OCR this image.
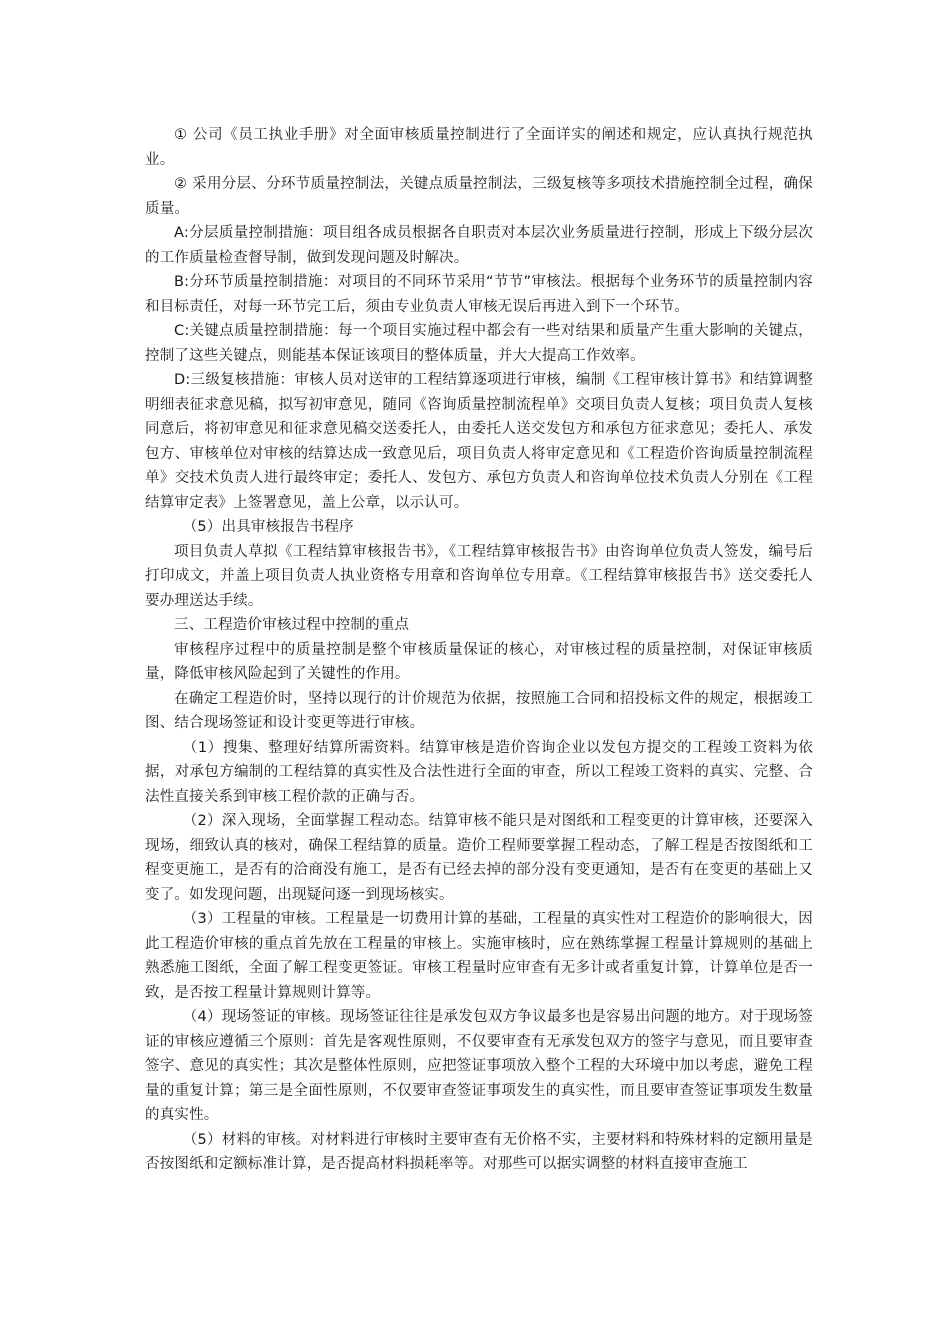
① 公司《员工执业手册》对全面审核质量控制进行了全面详实的阐述和规定，应认真执行规范执业。

② 采用分层、分环节质量控制法，关键点质量控制法，三级复核等多项技术措施控制全过程，确保质量。

A:分层质量控制措施：项目组各成员根据各自职责对本层次业务质量进行控制，形成上下级分层次的工作质量检查督导制，做到发现问题及时解决。

B:分环节质量控制措施：对项目的不同环节采用“节节”审核法。根据每个业务环节的质量控制内容和目标责任，对每一环节完工后，须由专业负责人审核无误后再进入到下一个环节。

C:关键点质量控制措施：每一个项目实施过程中都会有一些对结果和质量产生重大影响的关键点，控制了这些关键点，则能基本保证该项目的整体质量，并大大提高工作效率。

D:三级复核措施：审核人员对送审的工程结算逐项进行审核，编制《工程审核计算书》和结算调整明细表征求意见稿，拟写初审意见，随同《咨询质量控制流程单》交项目负责人复核；项目负责人复核同意后，将初审意见和征求意见稿交送委托人，由委托人送交发包方和承包方征求意见；委托人、承发包方、审核单位对审核的结算达成一致意见后，项目负责人将审定意见和《工程造价咨询质量控制流程单》交技术负责人进行最终审定；委托人、发包方、承包方负责人和咨询单位技术负责人分别在《工程结算审定表》上签署意见，盖上公章，以示认可。

（5）出具审核报告书程序

项目负责人草拟《工程结算审核报告书》，《工程结算审核报告书》由咨询单位负责人签发，编号后打印成文，并盖上项目负责人执业资格专用章和咨询单位专用章。《工程结算审核报告书》送交委托人要办理送达手续。

三、工程造价审核过程中控制的重点

审核程序过程中的质量控制是整个审核质量保证的核心，对审核过程的质量控制，对保证审核质量，降低审核风险起到了关键性的作用。

在确定工程造价时，坚持以现行的计价规范为依据，按照施工合同和招投标文件的规定，根据竣工图、结合现场签证和设计变更等进行审核。

（1）搜集、整理好结算所需资料。结算审核是造价咨询企业以发包方提交的工程竣工资料为依据，对承包方编制的工程结算的真实性及合法性进行全面的审查，所以工程竣工资料的真实、完整、合法性直接关系到审核工程价款的正确与否。

（2）深入现场，全面掌握工程动态。结算审核不能只是对图纸和工程变更的计算审核，还要深入现场，细致认真的核对，确保工程结算的质量。造价工程师要掌握工程动态，了解工程是否按图纸和工程变更施工，是否有的洽商没有施工，是否有已经去掉的部分没有变更通知，是否有在变更的基础上又变了。如发现问题，出现疑问逐一到现场核实。

（3）工程量的审核。工程量是一切费用计算的基础，工程量的真实性对工程造价的影响很大，因此工程造价审核的重点首先放在工程量的审核上。实施审核时，应在熟练掌握工程量计算规则的基础上熟悉施工图纸，全面了解工程变更签证。审核工程量时应审查有无多计或者重复计算，计算单位是否一致，是否按工程量计算规则计算等。

（4）现场签证的审核。现场签证往往是承发包双方争议最多也是容易出问题的地方。对于现场签证的审核应遵循三个原则：首先是客观性原则，不仅要审查有无承发包双方的签字与意见，而且要审查签字、意见的真实性；其次是整体性原则，应把签证事项放入整个工程的大环境中加以考虑，避免工程量的重复计算；第三是全面性原则，不仅要审查签证事项发生的真实性，而且要审查签证事项发生数量的真实性。

（5）材料的审核。对材料进行审核时主要审查有无价格不实，主要材料和特殊材料的定额用量是否按图纸和定额标准计算，是否提高材料损耗率等。对那些可以据实调整的材料直接审查施工
